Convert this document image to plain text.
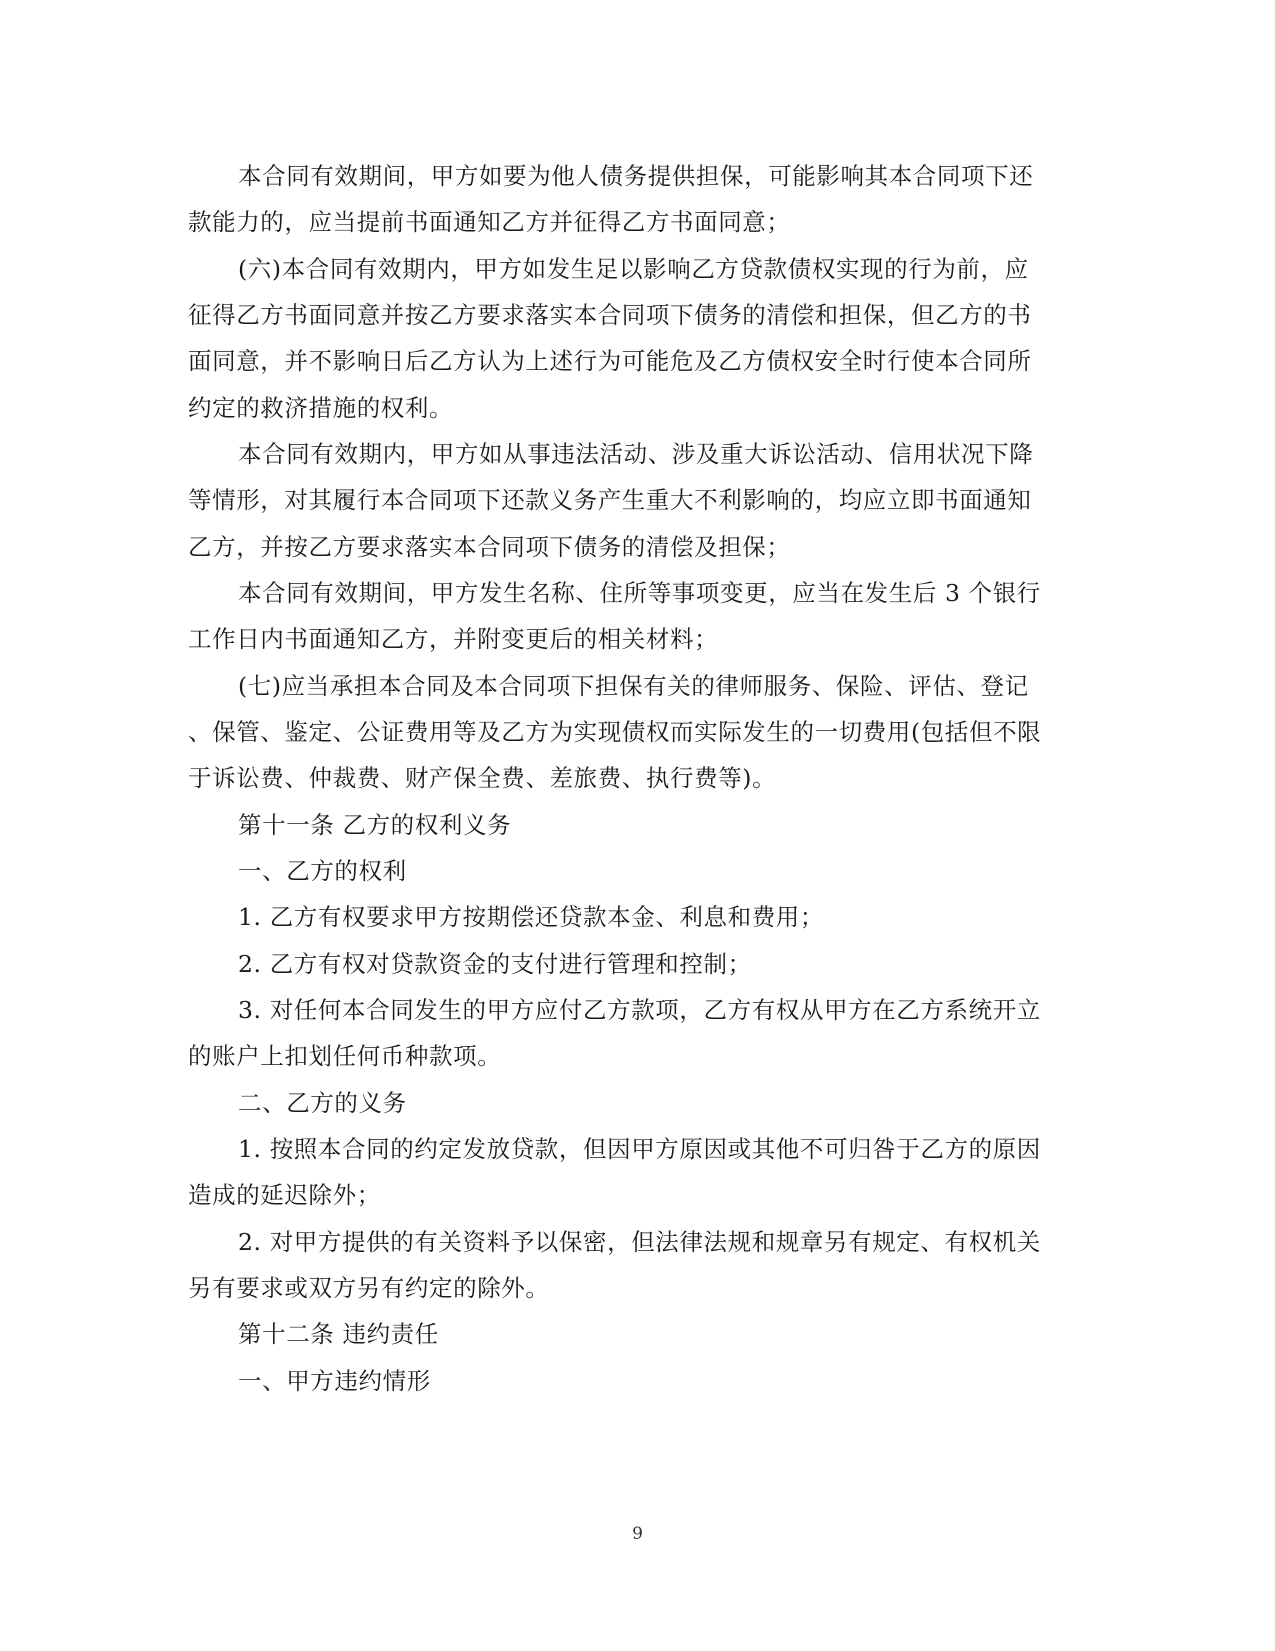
本合同有效期间，甲方如要为他人债务提供担保，可能影响其本合同项下还
款能力的，应当提前书面通知乙方并征得乙方书面同意；
(六)本合同有效期内，甲方如发生足以影响乙方贷款债权实现的行为前，应
征得乙方书面同意并按乙方要求落实本合同项下债务的清偿和担保，但乙方的书
面同意，并不影响日后乙方认为上述行为可能危及乙方债权安全时行使本合同所
约定的救济措施的权利。
本合同有效期内，甲方如从事违法活动、涉及重大诉讼活动、信用状况下降
等情形，对其履行本合同项下还款义务产生重大不利影响的，均应立即书面通知
乙方，并按乙方要求落实本合同项下债务的清偿及担保；
本合同有效期间，甲方发生名称、住所等事项变更，应当在发生后 3 个银行
工作日内书面通知乙方，并附变更后的相关材料；
(七)应当承担本合同及本合同项下担保有关的律师服务、保险、评估、登记
、保管、鉴定、公证费用等及乙方为实现债权而实际发生的一切费用(包括但不限
于诉讼费、仲裁费、财产保全费、差旅费、执行费等)。
第十一条 乙方的权利义务
一、乙方的权利
1. 乙方有权要求甲方按期偿还贷款本金、利息和费用；
2. 乙方有权对贷款资金的支付进行管理和控制；
3. 对任何本合同发生的甲方应付乙方款项，乙方有权从甲方在乙方系统开立
的账户上扣划任何币种款项。
二、乙方的义务
1. 按照本合同的约定发放贷款，但因甲方原因或其他不可归咎于乙方的原因
造成的延迟除外；
2. 对甲方提供的有关资料予以保密，但法律法规和规章另有规定、有权机关
另有要求或双方另有约定的除外。
第十二条 违约责任
一、甲方违约情形
9
